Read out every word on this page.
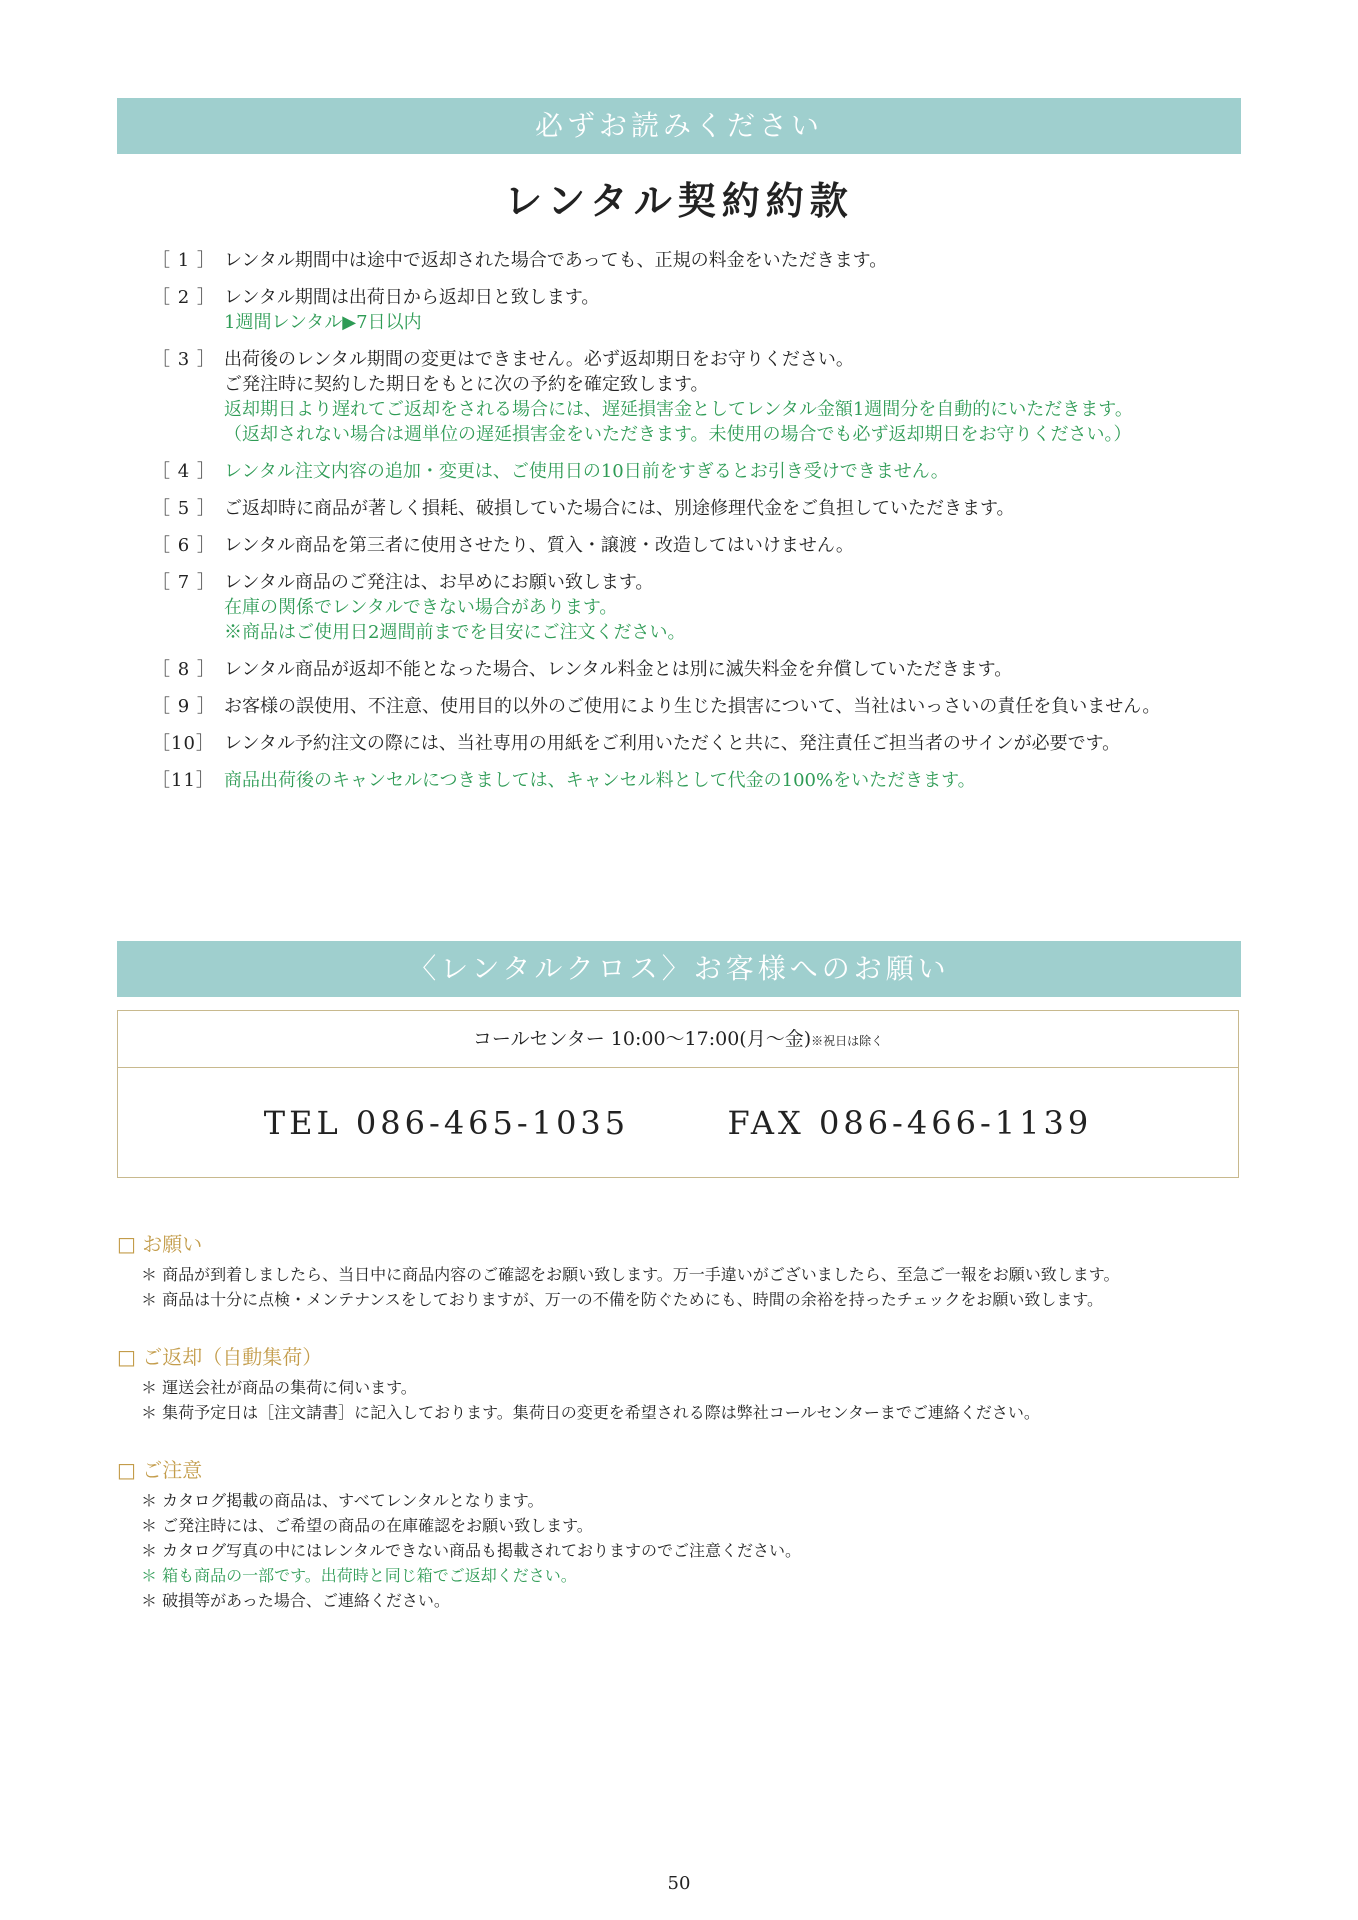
必ずお読みください
レンタル契約約款
［ 1 ］ レンタル期間中は途中で返却された場合であっても、正規の料金をいただきます。
［ 2 ］ レンタル期間は出荷日から返却日と致します。
1週間レンタル▶7日以内
［ 3 ］ 出荷後のレンタル期間の変更はできません。必ず返却期日をお守りください。
ご発注時に契約した期日をもとに次の予約を確定致します。
返却期日より遅れてご返却をされる場合には、遅延損害金としてレンタル金額1週間分を自動的にいただきます。
（返却されない場合は週単位の遅延損害金をいただきます。未使用の場合でも必ず返却期日をお守りください。）
［ 4 ］ レンタル注文内容の追加・変更は、ご使用日の10日前をすぎるとお引き受けできません。
［ 5 ］ ご返却時に商品が著しく損耗、破損していた場合には、別途修理代金をご負担していただきます。
［ 6 ］ レンタル商品を第三者に使用させたり、質入・譲渡・改造してはいけません。
［ 7 ］ レンタル商品のご発注は、お早めにお願い致します。
在庫の関係でレンタルできない場合があります。
※商品はご使用日2週間前までを目安にご注文ください。
［ 8 ］ レンタル商品が返却不能となった場合、レンタル料金とは別に滅失料金を弁償していただきます。
［ 9 ］ お客様の誤使用、不注意、使用目的以外のご使用により生じた損害について、当社はいっさいの責任を負いません。
［10］ レンタル予約注文の際には、当社専用の用紙をご利用いただくと共に、発注責任ご担当者のサインが必要です。
［11］ 商品出荷後のキャンセルにつきましては、キャンセル料として代金の100%をいただきます。
〈レンタルクロス〉お客様へのお願い
コールセンター 10:00〜17:00(月〜金)※祝日は除く
TEL 086-465-1035	FAX 086-466-1139
□ お願い
＊ 商品が到着しましたら、当日中に商品内容のご確認をお願い致します。万一手違いがございましたら、至急ご一報をお願い致します。
＊ 商品は十分に点検・メンテナンスをしておりますが、万一の不備を防ぐためにも、時間の余裕を持ったチェックをお願い致します。
□ ご返却（自動集荷）
＊ 運送会社が商品の集荷に伺います。
＊ 集荷予定日は［注文請書］に記入しております。集荷日の変更を希望される際は弊社コールセンターまでご連絡ください。
□ ご注意
＊ カタログ掲載の商品は、すべてレンタルとなります。
＊ ご発注時には、ご希望の商品の在庫確認をお願い致します。
＊ カタログ写真の中にはレンタルできない商品も掲載されておりますのでご注意ください。
＊ 箱も商品の一部です。出荷時と同じ箱でご返却ください。
＊ 破損等があった場合、ご連絡ください。
50
